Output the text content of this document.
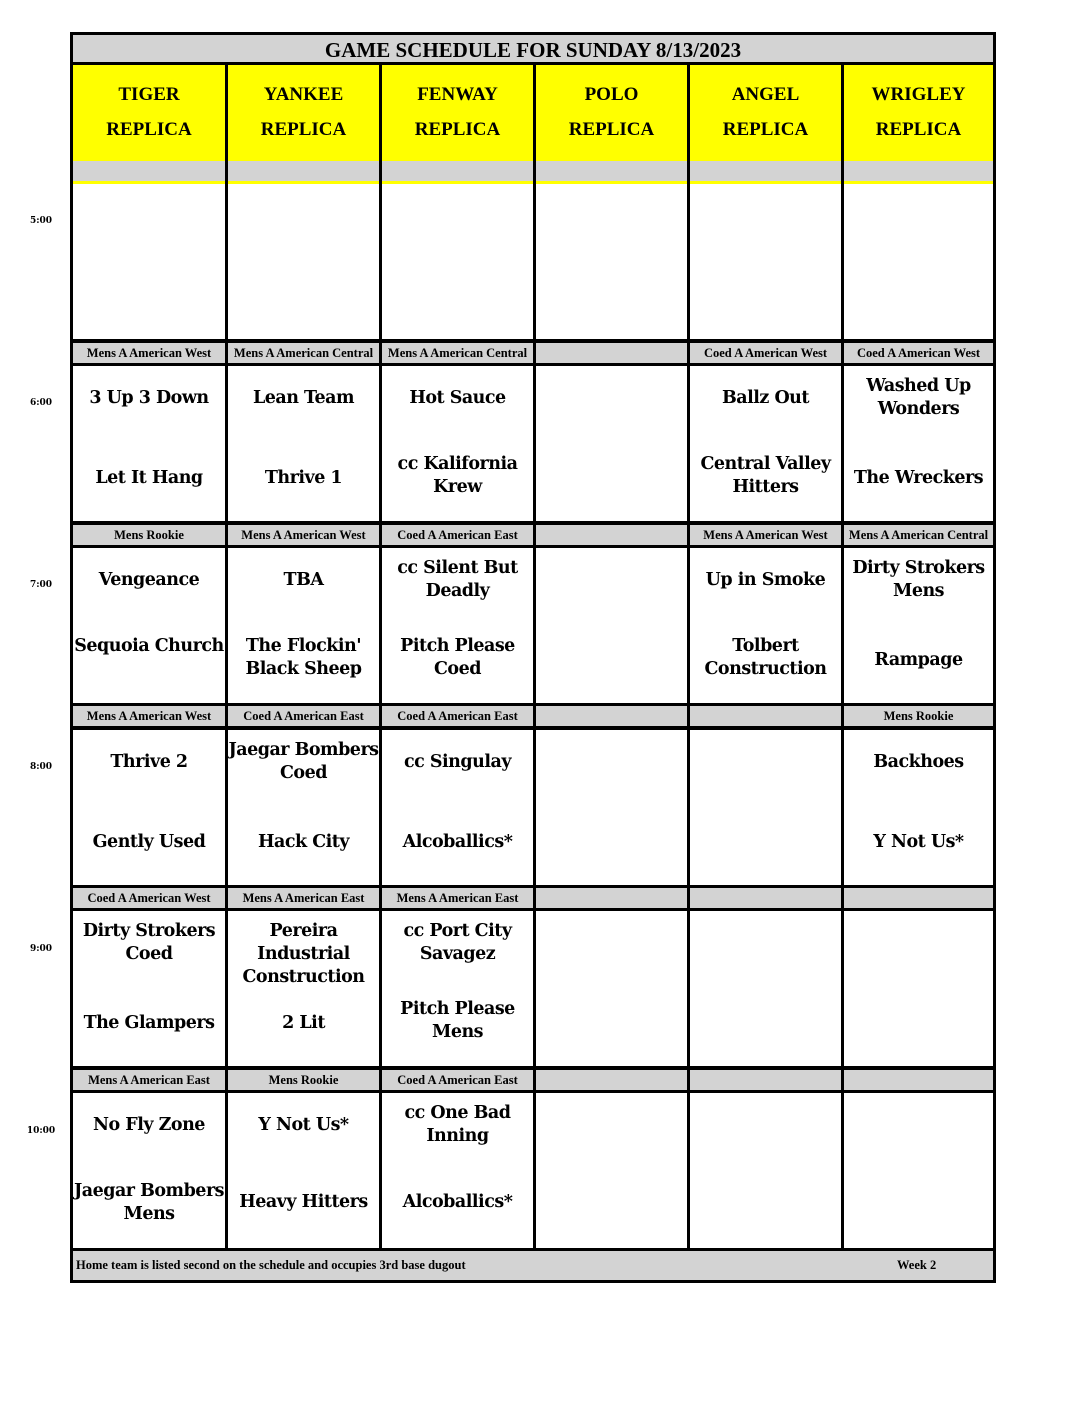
GAME SCHEDULE FOR SUNDAY 8/13/2023
TIGER
REPLICA
YANKEE
REPLICA
FENWAY
REPLICA
POLO
REPLICA
ANGEL
REPLICA
WRIGLEY
REPLICA
Mens A American West
3 Up 3 Down
Let It Hang
Mens A American Central
Lean Team
Thrive 1
Mens A American Central
Hot Sauce
cc Kalifornia Krew
Coed A American West
Ballz Out
Central Valley Hitters
Coed A American West
Washed Up Wonders
The Wreckers
Mens Rookie
Vengeance
Sequoia Church
Mens A American West
TBA
The Flockin' Black Sheep
Coed A American East
cc Silent But Deadly
Pitch Please Coed
Mens A American West
Up in Smoke
Tolbert Construction
Mens A American Central
Dirty Strokers Mens
Rampage
Mens A American West
Thrive 2
Gently Used
Coed A American East
Jaegar Bombers Coed
Hack City
Coed A American East
cc Singulay
Alcoballics*
Mens Rookie
Backhoes
Y Not Us*
Coed A American West
Dirty Strokers Coed
The Glampers
Mens A American East
Pereira Industrial Construction
2 Lit
Mens A American East
cc Port City Savagez
Pitch Please Mens
Mens A American East
No Fly Zone
Jaegar Bombers Mens
Mens Rookie
Y Not Us*
Heavy Hitters
Coed A American East
cc One Bad Inning
Alcoballics*
Home team is listed second on the schedule and occupies 3rd base dugout	Week 2
5:00
6:00
7:00
8:00
9:00
10:00
